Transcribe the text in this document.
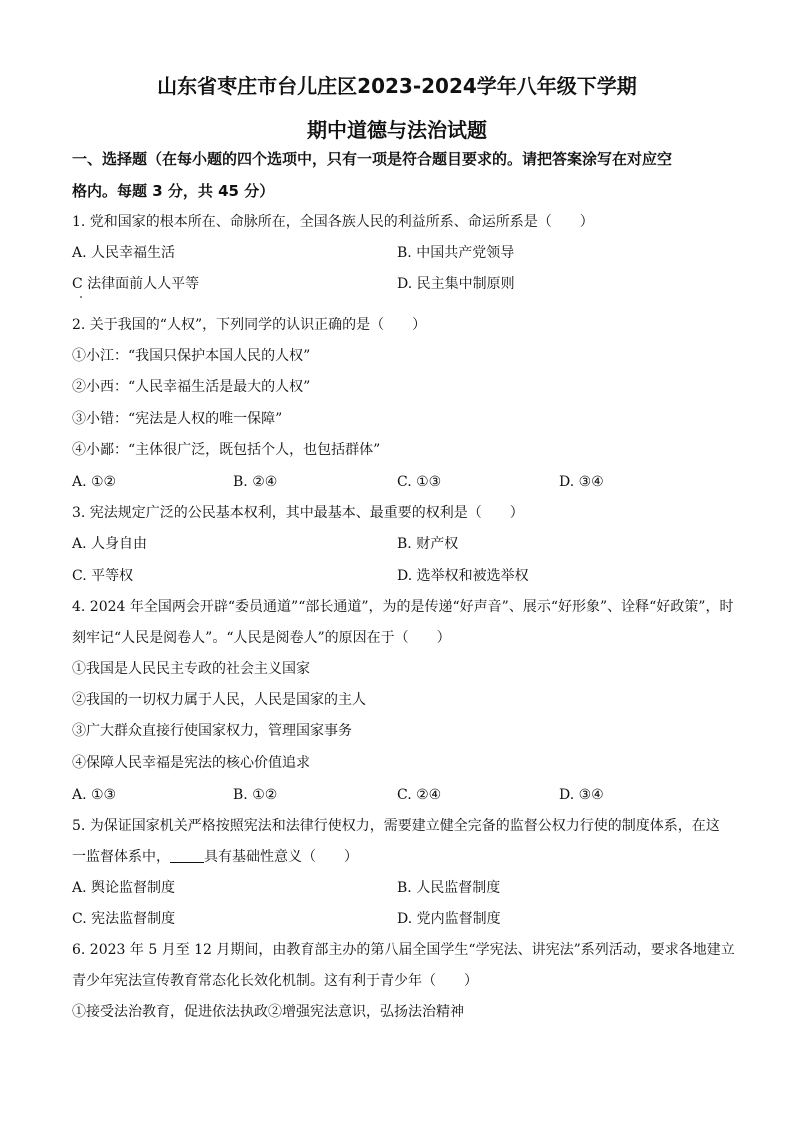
山东省枣庄市台儿庄区2023-2024学年八年级下学期
期中道德与法治试题
一、选择题（在每小题的四个选项中，只有一项是符合题目要求的。请把答案涂写在对应空
格内。每题 3 分，共 45 分）
1. 党和国家的根本所在、命脉所在，全国各族人民的利益所系、命运所系是（　　）
A. 人民幸福生活	B. 中国共产党领导
C 法律面前人人平等	D. 民主集中制原则
2. 关于我国的“人权”，下列同学的认识正确的是（　　）
①小江：“我国只保护本国人民的人权”
②小西：“人民幸福生活是最大的人权”
③小错：“宪法是人权的唯一保障”
④小鄙：“主体很广泛，既包括个人，也包括群体”
A. ①②	B. ②④	C. ①③	D. ③④
3. 宪法规定广泛的公民基本权利，其中最基本、最重要的权利是（　　）
A. 人身自由	B. 财产权
C. 平等权	D. 选举权和被选举权
4. 2024 年全国两会开辟“委员通道”“部长通道”，为的是传递“好声音”、展示“好形象”、诠释“好政策”，时
刻牢记“人民是阅卷人”。“人民是阅卷人”的原因在于（　　）
①我国是人民民主专政的社会主义国家
②我国的一切权力属于人民，人民是国家的主人
③广大群众直接行使国家权力，管理国家事务
④保障人民幸福是宪法的核心价值追求
A. ①③	B. ①②	C. ②④	D. ③④
5. 为保证国家机关严格按照宪法和法律行使权力，需要建立健全完备的监督公权力行使的制度体系，在这
一监督体系中， 具有基础性意义（　　）
A. 舆论监督制度	B. 人民监督制度
C. 宪法监督制度	D. 党内监督制度
6. 2023 年 5 月至 12 月期间，由教育部主办的第八届全国学生“学宪法、讲宪法”系列活动，要求各地建立
青少年宪法宣传教育常态化长效化机制。这有利于青少年（　　）
①接受法治教育，促进依法执政②增强宪法意识，弘扬法治精神
